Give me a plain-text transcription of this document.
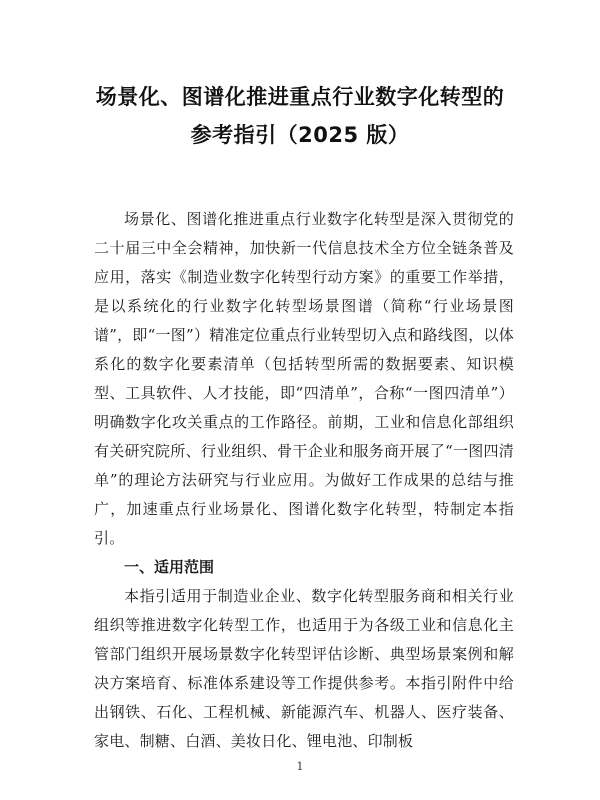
场景化、图谱化推进重点行业数字化转型的
参考指引（2025 版）

场景化、图谱化推进重点行业数字化转型是深入贯彻党的二十届三中全会精神，加快新一代信息技术全方位全链条普及应用，落实《制造业数字化转型行动方案》的重要工作举措，是以系统化的行业数字化转型场景图谱（简称“行业场景图谱”，即“一图”）精准定位重点行业转型切入点和路线图，以体系化的数字化要素清单（包括转型所需的数据要素、知识模型、工具软件、人才技能，即“四清单”，合称“一图四清单”）明确数字化攻关重点的工作路径。前期，工业和信息化部组织有关研究院所、行业组织、骨干企业和服务商开展了“一图四清单”的理论方法研究与行业应用。为做好工作成果的总结与推广，加速重点行业场景化、图谱化数字化转型，特制定本指引。

一、适用范围

本指引适用于制造业企业、数字化转型服务商和相关行业组织等推进数字化转型工作，也适用于为各级工业和信息化主管部门组织开展场景数字化转型评估诊断、典型场景案例和解决方案培育、标准体系建设等工作提供参考。本指引附件中给出钢铁、石化、工程机械、新能源汽车、机器人、医疗装备、家电、制糖、白酒、美妆日化、锂电池、印制板

1
